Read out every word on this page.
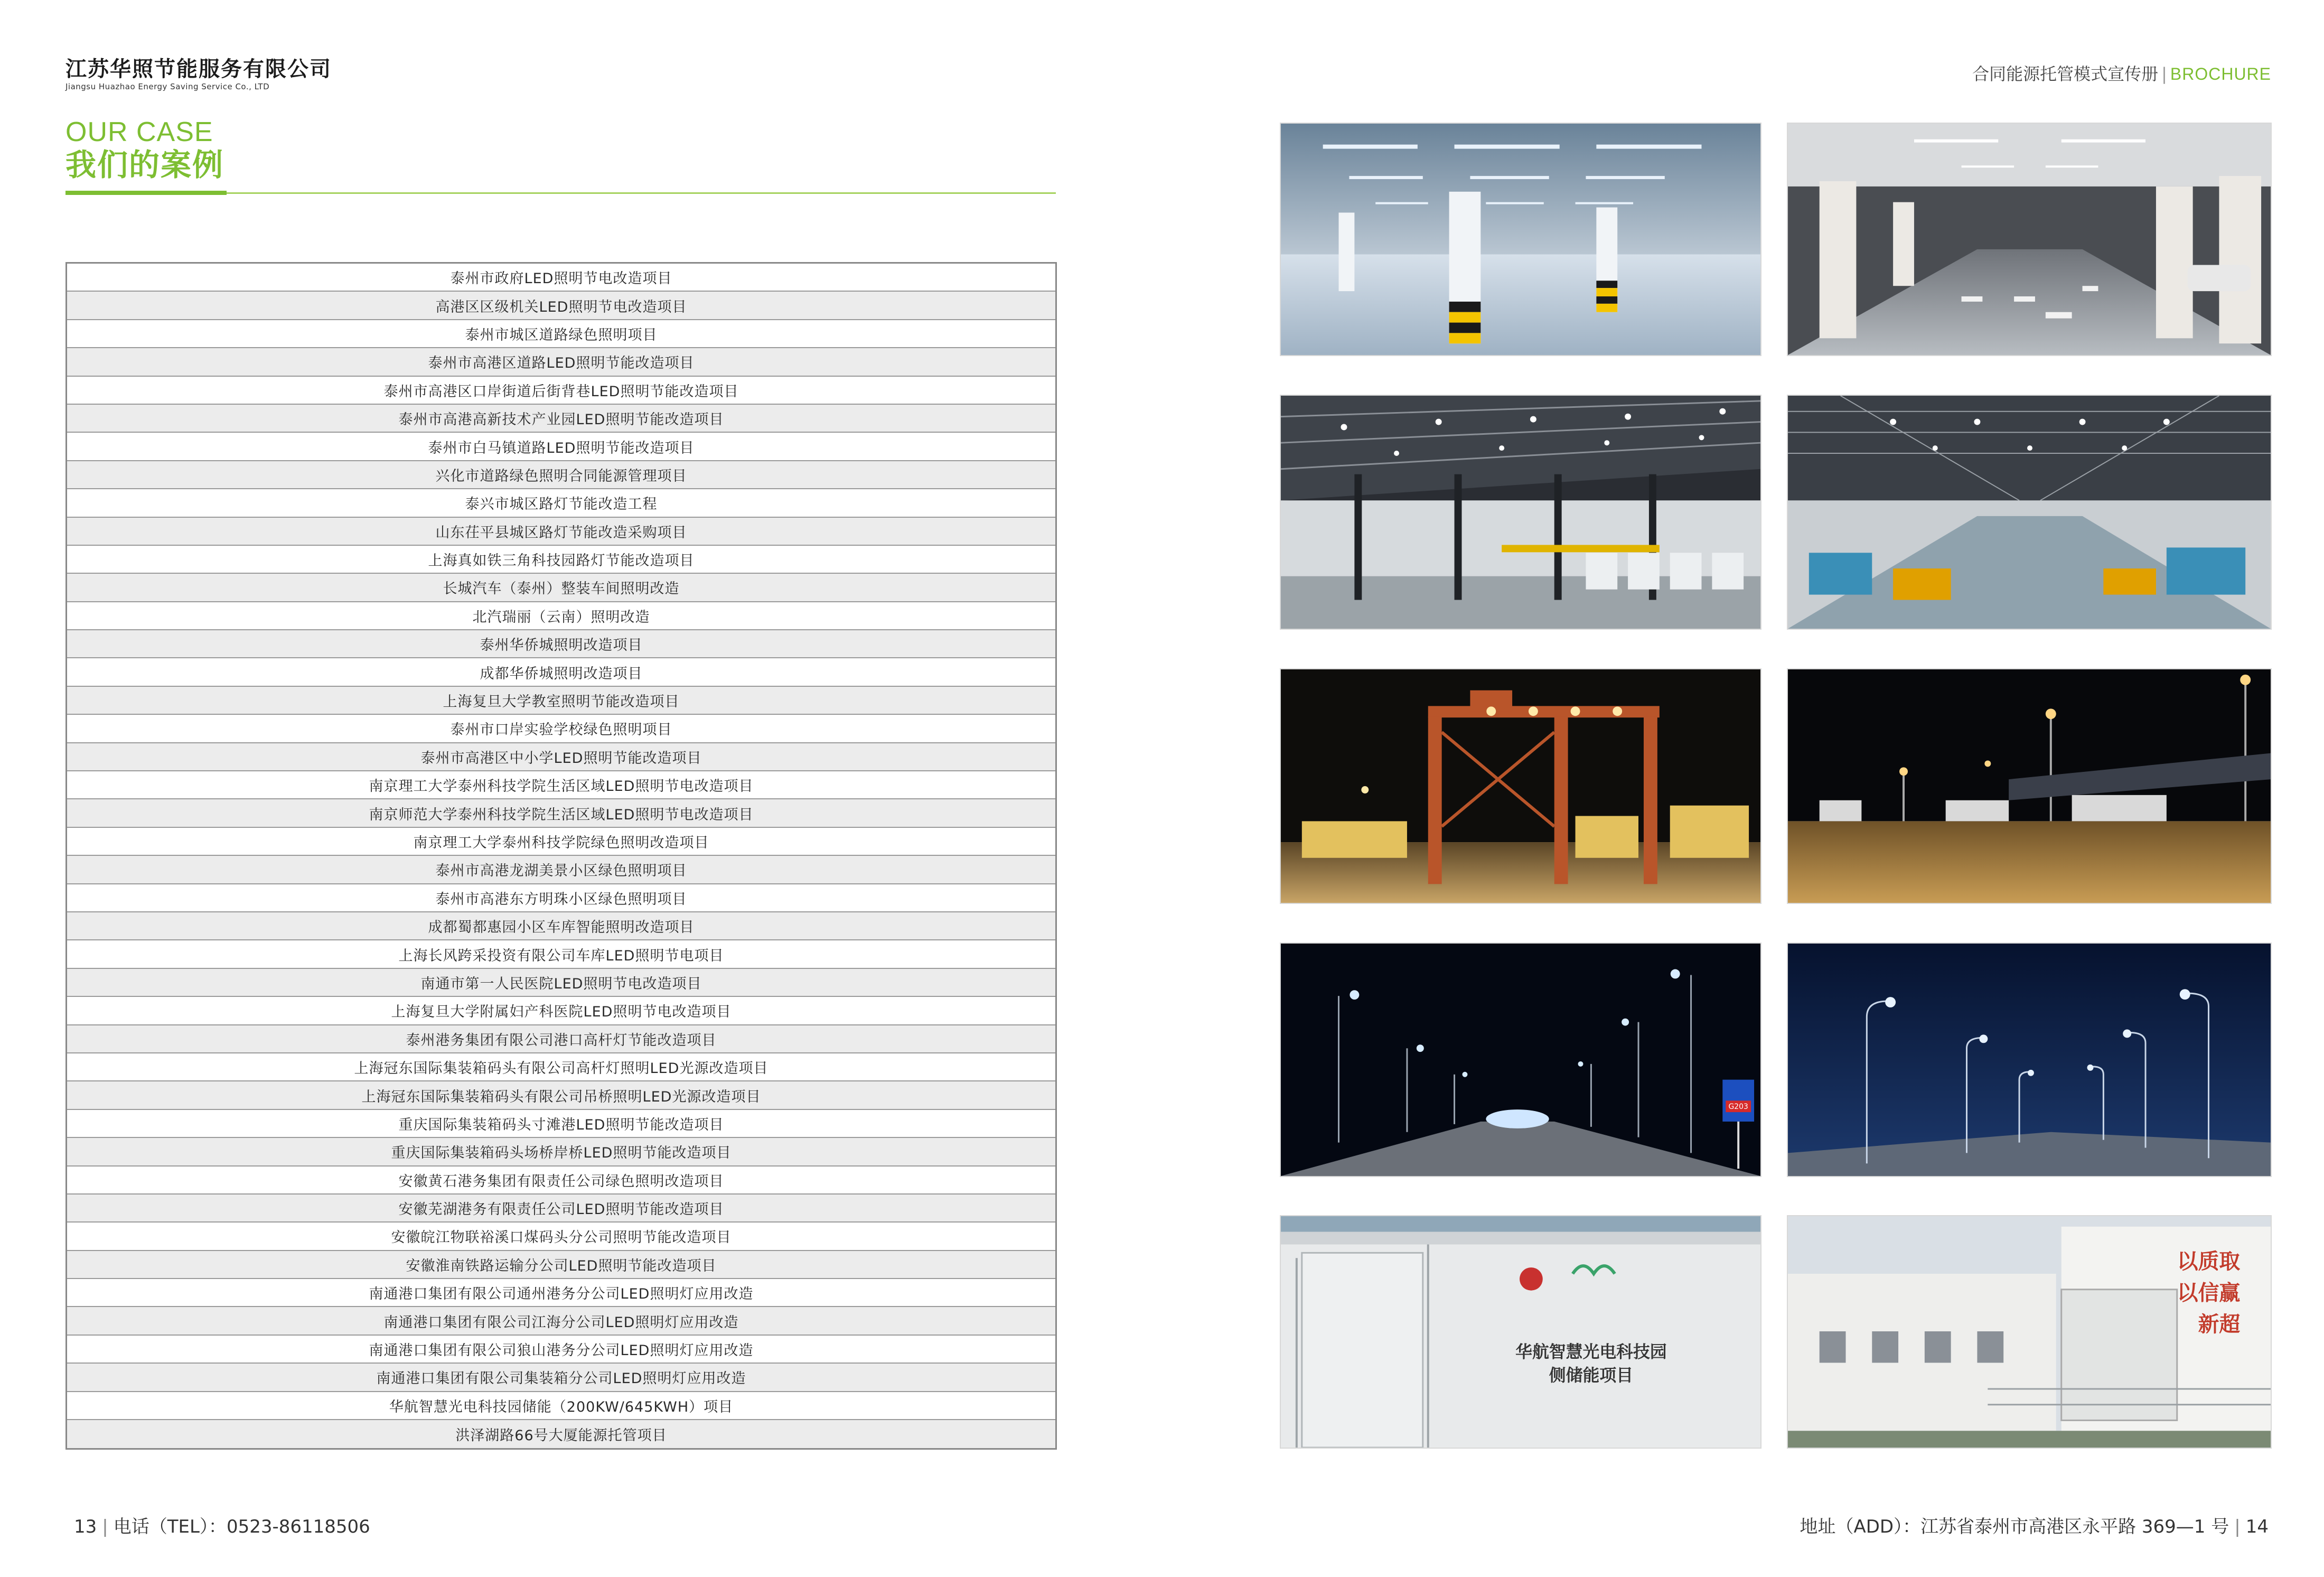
江苏华照节能服务有限公司
Jiangsu Huazhao Energy Saving Service Co., LTD
OUR CASE
我们的案例
合同能源托管模式宣传册 | BROCHURE
泰州市政府LED照明节电改造项目
高港区区级机关LED照明节电改造项目
泰州市城区道路绿色照明项目
泰州市高港区道路LED照明节能改造项目
泰州市高港区口岸街道后街背巷LED照明节能改造项目
泰州市高港高新技术产业园LED照明节能改造项目
泰州市白马镇道路LED照明节能改造项目
兴化市道路绿色照明合同能源管理项目
泰兴市城区路灯节能改造工程
山东茌平县城区路灯节能改造采购项目
上海真如铁三角科技园路灯节能改造项目
长城汽车（泰州）整装车间照明改造
北汽瑞丽（云南）照明改造
泰州华侨城照明改造项目
成都华侨城照明改造项目
上海复旦大学教室照明节能改造项目
泰州市口岸实验学校绿色照明项目
泰州市高港区中小学LED照明节能改造项目
南京理工大学泰州科技学院生活区域LED照明节电改造项目
南京师范大学泰州科技学院生活区域LED照明节电改造项目
南京理工大学泰州科技学院绿色照明改造项目
泰州市高港龙湖美景小区绿色照明项目
泰州市高港东方明珠小区绿色照明项目
成都蜀都惠园小区车库智能照明改造项目
上海长风跨采投资有限公司车库LED照明节电项目
南通市第一人民医院LED照明节电改造项目
上海复旦大学附属妇产科医院LED照明节电改造项目
泰州港务集团有限公司港口高杆灯节能改造项目
上海冠东国际集装箱码头有限公司高杆灯照明LED光源改造项目
上海冠东国际集装箱码头有限公司吊桥照明LED光源改造项目
重庆国际集装箱码头寸滩港LED照明节能改造项目
重庆国际集装箱码头场桥岸桥LED照明节能改造项目
安徽黄石港务集团有限责任公司绿色照明改造项目
安徽芜湖港务有限责任公司LED照明节能改造项目
安徽皖江物联裕溪口煤码头分公司照明节能改造项目
安徽淮南铁路运输分公司LED照明节能改造项目
南通港口集团有限公司通州港务分公司LED照明灯应用改造
南通港口集团有限公司江海分公司LED照明灯应用改造
南通港口集团有限公司狼山港务分公司LED照明灯应用改造
南通港口集团有限公司集装箱分公司LED照明灯应用改造
华航智慧光电科技园储能（200KW/645KWH）项目
洪泽湖路66号大厦能源托管项目
G203
华航智慧光电科技园
侧储能项目
以质取
以信赢
新超
13 | 电话（TEL）：0523-86118506	地址（ADD）：江苏省泰州市高港区永平路 369—1 号 | 14
